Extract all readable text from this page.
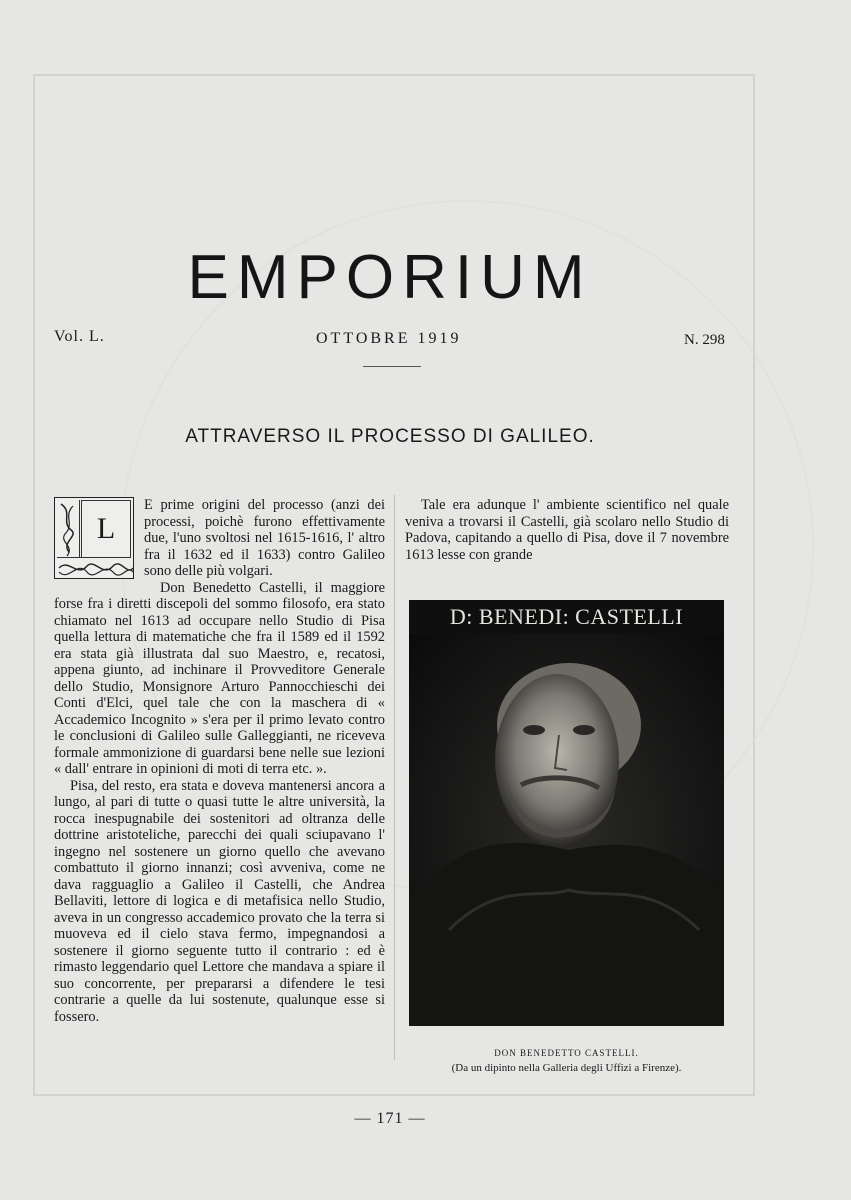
EMPORIUM
Vol. L.	OTTOBRE 1919	N. 298
ATTRAVERSO IL PROCESSO DI GALILEO.
L

E prime origini del processo (anzi dei processi, poichè furono effettivamente due, l'uno svoltosi nel 1615-1616, l' altro fra il 1632 ed il 1633) contro Galileo sono delle più volgari.

Don Benedetto Castelli, il maggiore forse fra i diretti discepoli del sommo filosofo, era stato chiamato nel 1613 ad occupare nello Studio di Pisa quella lettura di matematiche che fra il 1589 ed il 1592 era stata già illustrata dal suo Maestro, e, recatosi, appena giunto, ad inchinare il Provveditore Generale dello Studio, Monsignore Arturo Pannocchieschi dei Conti d'Elci, quel tale che con la maschera di « Accademico Incognito » s'era per il primo levato contro le conclusioni di Galileo sulle Galleggianti, ne riceveva formale ammonizione di guardarsi bene nelle sue lezioni « dall' entrare in opinioni di moti di terra etc. ».

Pisa, del resto, era stata e doveva mantenersi ancora a lungo, al pari di tutte o quasi tutte le altre università, la rocca inespugnabile dei sostenitori ad oltranza delle dottrine aristoteliche, parecchi dei quali sciupavano l' ingegno nel sostenere un giorno quello che avevano combattuto il giorno innanzi; così avveniva, come ne dava ragguaglio a Galileo il Castelli, che Andrea Bellaviti, lettore di logica e di metafisica nello Studio, aveva in un congresso accademico provato che la terra si muoveva ed il cielo stava fermo, impegnandosi a sostenere il giorno seguente tutto il contrario : ed è rimasto leggendario quel Lettore che mandava a spiare il suo concorrente, per prepararsi a difendere le tesi contrarie a quelle da lui sostenute, qualunque esse si fossero.

Tale era adunque l' ambiente scientifico nel quale veniva a trovarsi il Castelli, già scolaro nello Studio di Padova, capitando a quello di Pisa, dove il 7 novembre 1613 lesse con grande

D: BENEDI: CASTELLI
DON BENEDETTO CASTELLI.
(Da un dipinto nella Galleria degli Uffizi a Firenze).
— 171 —
